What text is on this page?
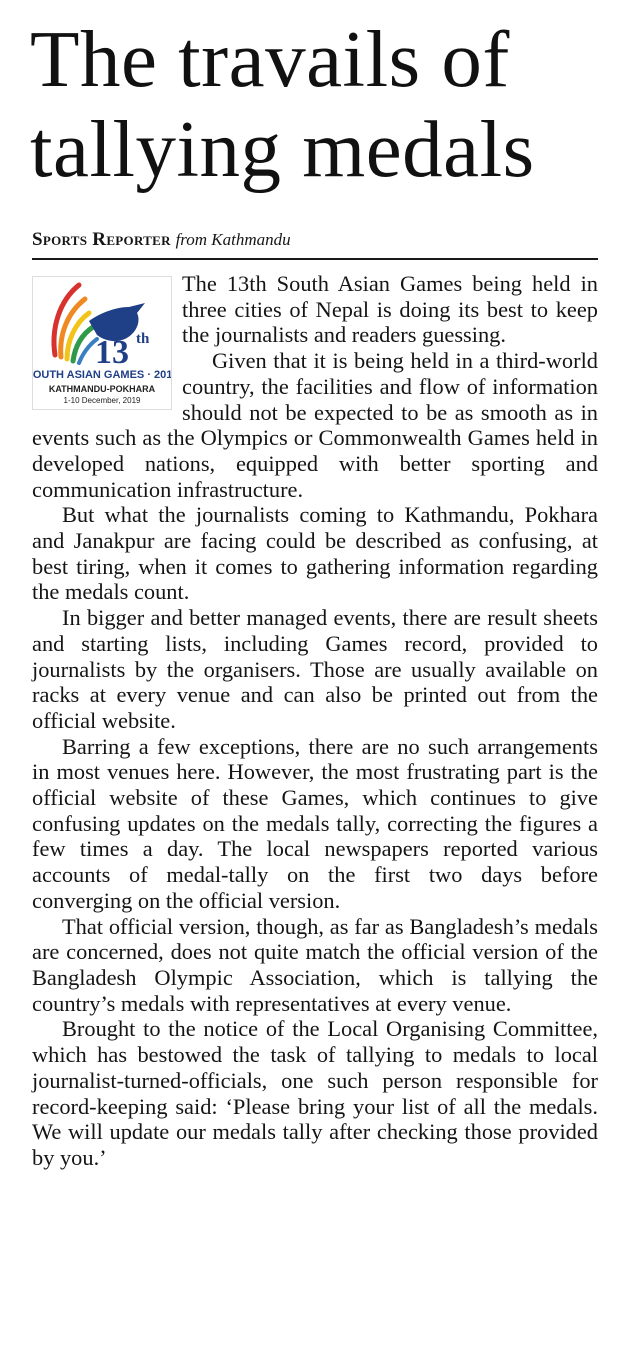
The travails of tallying medals
Sports Reporter from Kathmandu
13 th
SOUTH ASIAN GAMES · 2019
KATHMANDU-POKHARA
1-10 December, 2019

The 13th South Asian Games being held in three cities of Nepal is doing its best to keep the journalists and readers guessing.

Given that it is being held in a third-world country, the facilities and flow of information should not be expected to be as smooth as in events such as the Olympics or Commonwealth Games held in developed nations, equipped with better sporting and communication infrastructure.

But what the journalists coming to Kathmandu, Pokhara and Janakpur are facing could be described as confusing, at best tiring, when it comes to gathering information regarding the medals count.

In bigger and better managed events, there are result sheets and starting lists, including Games record, provided to journalists by the organisers. Those are usually available on racks at every venue and can also be printed out from the official website.

Barring a few exceptions, there are no such arrangements in most venues here. However, the most frustrating part is the official website of these Games, which continues to give confusing updates on the medals tally, correcting the figures a few times a day. The local newspapers reported various accounts of medal-tally on the first two days before converging on the official version.

That official version, though, as far as Bangladesh’s medals are concerned, does not quite match the official version of the Bangladesh Olympic Association, which is tallying the country’s medals with representatives at every venue.

Brought to the notice of the Local Organising Committee, which has bestowed the task of tallying to medals to local journalist-turned-officials, one such person responsible for record-keeping said: ‘Please bring your list of all the medals. We will update our medals tally after checking those provided by you.’
